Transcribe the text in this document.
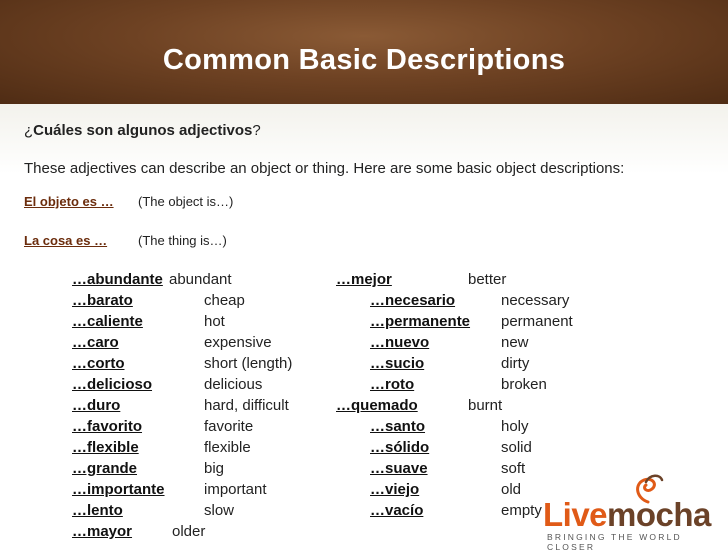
Common Basic Descriptions
¿Cuáles son algunos adjectivos?
These adjectives can describe an object or thing. Here are some basic object descriptions:
El objeto es … (The object is…)
La cosa es … (The thing is…)
…abundante abundant
…barato	cheap
…caliente	hot
…caro	expensive
…corto	short (length)
…delicioso	delicious
…duro	hard, difficult
…favorito	favorite
…flexible	flexible
…grande	big
…importante	important
…lento	slow
…mayor	older
…mejor	better
…necesario	necessary
…permanente permanent
…nuevo	new
…sucio	dirty
…roto	broken
…quemado	burnt
…santo	holy
…sólido	solid
…suave	soft
…viejo	old
…vacío	empty Livemocha
BRINGING THE WORLD CLOSER
